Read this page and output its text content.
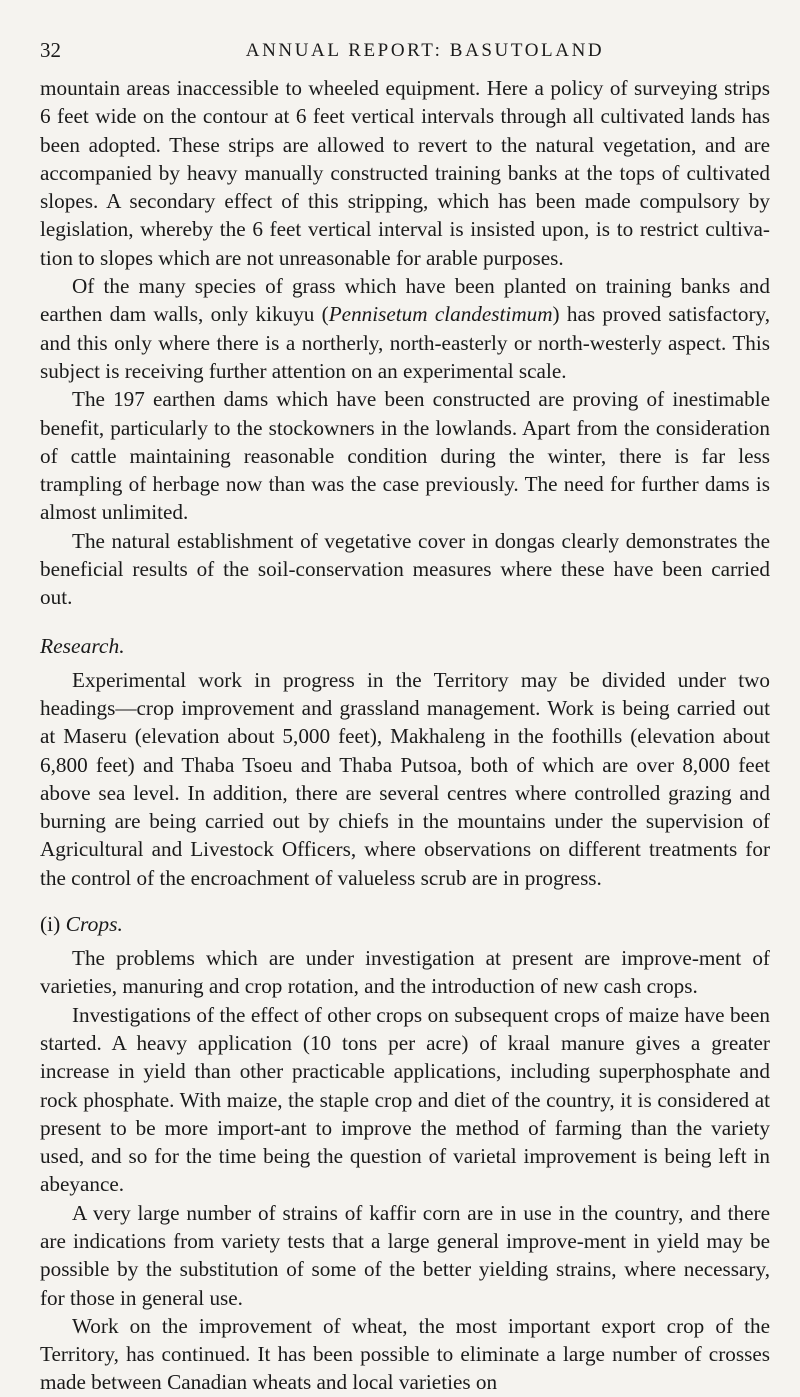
32	ANNUAL REPORT: BASUTOLAND

mountain areas inaccessible to wheeled equipment. Here a policy of surveying strips 6 feet wide on the contour at 6 feet vertical intervals through all cultivated lands has been adopted. These strips are allowed to revert to the natural vegetation, and are accompanied by heavy manually constructed training banks at the tops of cultivated slopes. A secondary effect of this stripping, which has been made compulsory by legislation, whereby the 6 feet vertical interval is insisted upon, is to restrict cultiva-tion to slopes which are not unreasonable for arable purposes.

Of the many species of grass which have been planted on training banks and earthen dam walls, only kikuyu (Pennisetum clandestimum) has proved satisfactory, and this only where there is a northerly, north-easterly or north-westerly aspect. This subject is receiving further attention on an experimental scale.

The 197 earthen dams which have been constructed are proving of inestimable benefit, particularly to the stockowners in the lowlands. Apart from the consideration of cattle maintaining reasonable condition during the winter, there is far less trampling of herbage now than was the case previously. The need for further dams is almost unlimited.

The natural establishment of vegetative cover in dongas clearly demonstrates the beneficial results of the soil-conservation measures where these have been carried out.

Research.

Experimental work in progress in the Territory may be divided under two headings—crop improvement and grassland management. Work is being carried out at Maseru (elevation about 5,000 feet), Makhaleng in the foothills (elevation about 6,800 feet) and Thaba Tsoeu and Thaba Putsoa, both of which are over 8,000 feet above sea level. In addition, there are several centres where controlled grazing and burning are being carried out by chiefs in the mountains under the supervision of Agricultural and Livestock Officers, where observations on different treatments for the control of the encroachment of valueless scrub are in progress.

(i) Crops.

The problems which are under investigation at present are improve-ment of varieties, manuring and crop rotation, and the introduction of new cash crops.

Investigations of the effect of other crops on subsequent crops of maize have been started. A heavy application (10 tons per acre) of kraal manure gives a greater increase in yield than other practicable applications, including superphosphate and rock phosphate. With maize, the staple crop and diet of the country, it is considered at present to be more import-ant to improve the method of farming than the variety used, and so for the time being the question of varietal improvement is being left in abeyance.

A very large number of strains of kaffir corn are in use in the country, and there are indications from variety tests that a large general improve-ment in yield may be possible by the substitution of some of the better yielding strains, where necessary, for those in general use.

Work on the improvement of wheat, the most important export crop of the Territory, has continued. It has been possible to eliminate a large number of crosses made between Canadian wheats and local varieties on
